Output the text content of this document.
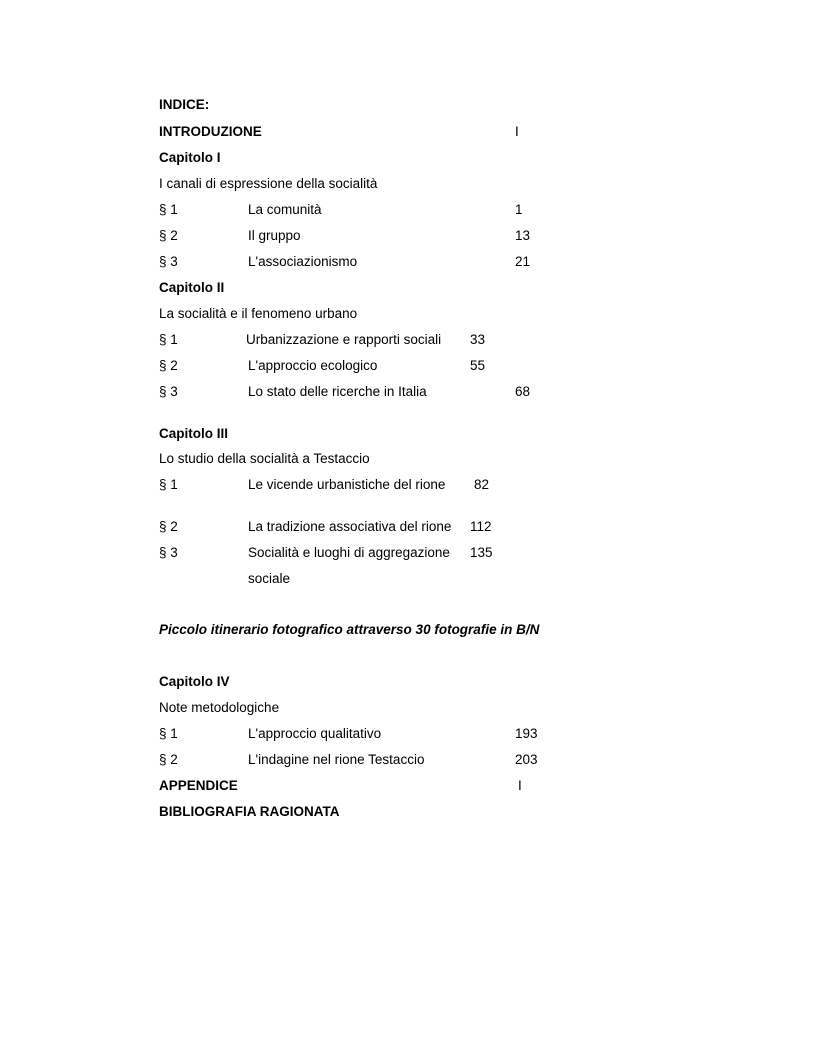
INDICE:
INTRODUZIONE	I
Capitolo I
I canali di espressione della socialità
§ 1	La comunità	1
§ 2	Il gruppo	13
§ 3	L'associazionismo	21
Capitolo II
La socialità e il fenomeno urbano
§ 1	Urbanizzazione e rapporti sociali 33
§ 2	L'approccio ecologico	55
§ 3	Lo stato delle ricerche in Italia	68
Capitolo III
Lo studio della socialità a Testaccio
§ 1	Le vicende urbanistiche del rione 82
§ 2	La tradizione associativa del rione 112
§ 3	Socialità e luoghi di aggregazione 135
sociale
Piccolo itinerario fotografico attraverso 30 fotografie in B/N
Capitolo IV
Note metodologiche
§ 1	L'approccio qualitativo	193
§ 2	L'indagine nel rione Testaccio	203
APPENDICE	I
BIBLIOGRAFIA RAGIONATA
